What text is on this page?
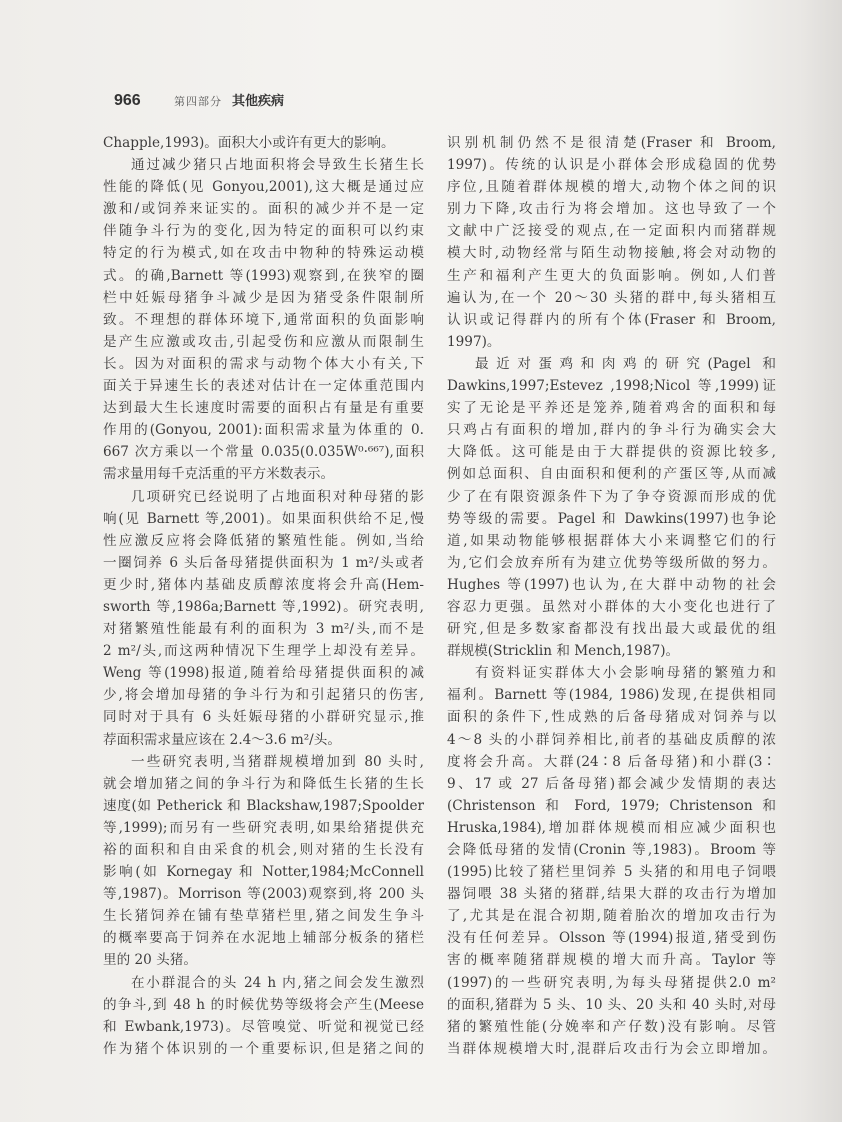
966	第四部分 其他疾病
Chapple,1993)。面积大小或许有更大的影响。
通过减少猪只占地面积将会导致生长猪生长
性能的降低(见 Gonyou,2001),这大概是通过应
激和/或饲养来证实的。面积的减少并不是一定
伴随争斗行为的变化,因为特定的面积可以约束
特定的行为模式,如在攻击中物种的特殊运动模
式。的确,Barnett 等(1993)观察到,在狭窄的圈
栏中妊娠母猪争斗减少是因为猪受条件限制所
致。不理想的群体环境下,通常面积的负面影响
是产生应激或攻击,引起受伤和应激从而限制生
长。因为对面积的需求与动物个体大小有关,下
面关于异速生长的表述对估计在一定体重范围内
达到最大生长速度时需要的面积占有量是有重要
作用的(Gonyou, 2001):面积需求量为体重的 0.
667 次方乘以一个常量 0.035(0.035W⁰·⁶⁶⁷),面积
需求量用每千克活重的平方米数表示。
几项研究已经说明了占地面积对种母猪的影
响(见 Barnett 等,2001)。如果面积供给不足,慢
性应激反应将会降低猪的繁殖性能。例如,当给
一圈饲养 6 头后备母猪提供面积为 1 m²/头或者
更少时,猪体内基础皮质醇浓度将会升高(Hem-
sworth 等,1986a;Barnett 等,1992)。研究表明,
对猪繁殖性能最有利的面积为 3 m²/头,而不是
2 m²/头,而这两种情况下生理学上却没有差异。
Weng 等(1998)报道,随着给母猪提供面积的减
少,将会增加母猪的争斗行为和引起猪只的伤害,
同时对于具有 6 头妊娠母猪的小群研究显示,推
荐面积需求量应该在 2.4～3.6 m²/头。
一些研究表明,当猪群规模增加到 80 头时,
就会增加猪之间的争斗行为和降低生长猪的生长
速度(如 Petherick 和 Blackshaw,1987;Spoolder
等,1999);而另有一些研究表明,如果给猪提供充
裕的面积和自由采食的机会,则对猪的生长没有
影响(如 Kornegay 和 Notter,1984;McConnell
等,1987)。Morrison 等(2003)观察到,将 200 头
生长猪饲养在铺有垫草猪栏里,猪之间发生争斗
的概率要高于饲养在水泥地上辅部分板条的猪栏
里的 20 头猪。
在小群混合的头 24 h 内,猪之间会发生激烈
的争斗,到 48 h 的时候优势等级将会产生(Meese
和 Ewbank,1973)。尽管嗅觉、听觉和视觉已经
作为猪个体识别的一个重要标识,但是猪之间的
识别机制仍然不是很清楚(Fraser 和 Broom,
1997)。传统的认识是小群体会形成稳固的优势
序位,且随着群体规模的增大,动物个体之间的识
别力下降,攻击行为将会增加。这也导致了一个
文献中广泛接受的观点,在一定面积内而猪群规
模大时,动物经常与陌生动物接触,将会对动物的
生产和福利产生更大的负面影响。例如,人们普
遍认为,在一个 20～30 头猪的群中,每头猪相互
认识或记得群内的所有个体(Fraser 和 Broom,
1997)。
最近对蛋鸡和肉鸡的研究(Pagel 和
Dawkins,1997;Estevez ,1998;Nicol 等,1999)证
实了无论是平养还是笼养,随着鸡舍的面积和每
只鸡占有面积的增加,群内的争斗行为确实会大
大降低。这可能是由于大群提供的资源比较多,
例如总面积、自由面积和便利的产蛋区等,从而减
少了在有限资源条件下为了争夺资源而形成的优
势等级的需要。Pagel 和 Dawkins(1997)也争论
道,如果动物能够根据群体大小来调整它们的行
为,它们会放弃所有为建立优势等级所做的努力。
Hughes 等(1997)也认为,在大群中动物的社会
容忍力更强。虽然对小群体的大小变化也进行了
研究,但是多数家畜都没有找出最大或最优的组
群规模(Stricklin 和 Mench,1987)。
有资料证实群体大小会影响母猪的繁殖力和
福利。Barnett 等(1984, 1986)发现,在提供相同
面积的条件下,性成熟的后备母猪成对饲养与以
4～8 头的小群饲养相比,前者的基础皮质醇的浓
度将会升高。大群(24∶8 后备母猪)和小群(3∶
9、17 或 27 后备母猪)都会减少发情期的表达
(Christenson 和 Ford, 1979; Christenson 和
Hruska,1984),增加群体规模而相应减少面积也
会降低母猪的发情(Cronin 等,1983)。Broom 等
(1995)比较了猪栏里饲养 5 头猪的和用电子饲喂
器饲喂 38 头猪的猪群,结果大群的攻击行为增加
了,尤其是在混合初期,随着胎次的增加攻击行为
没有任何差异。Olsson 等(1994)报道,猪受到伤
害的概率随猪群规模的增大而升高。Taylor 等
(1997)的一些研究表明,为每头母猪提供2.0 m²
的面积,猪群为 5 头、10 头、20 头和 40 头时,对母
猪的繁殖性能(分娩率和产仔数)没有影响。尽管
当群体规模增大时,混群后攻击行为会立即增加。
